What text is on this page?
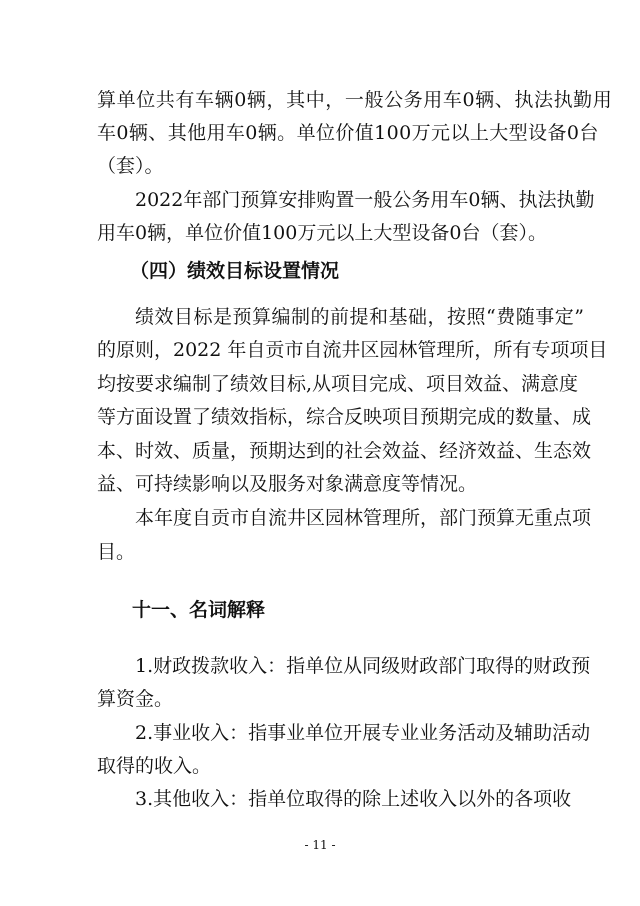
算单位共有车辆0辆，其中，一般公务用车0辆、执法执勤用
车0辆、其他用车0辆。单位价值100万元以上大型设备0台
（套）。
2022年部门预算安排购置一般公务用车0辆、执法执勤
用车0辆，单位价值100万元以上大型设备0台（套）。
（四）绩效目标设置情况
绩效目标是预算编制的前提和基础，按照“费随事定”
的原则，2022 年自贡市自流井区园林管理所，所有专项项目
均按要求编制了绩效目标,从项目完成、项目效益、满意度
等方面设置了绩效指标，综合反映项目预期完成的数量、成
本、时效、质量，预期达到的社会效益、经济效益、生态效
益、可持续影响以及服务对象满意度等情况。
本年度自贡市自流井区园林管理所，部门预算无重点项
目。
十一、名词解释
1.财政拨款收入：指单位从同级财政部门取得的财政预
算资金。
2.事业收入：指事业单位开展专业业务活动及辅助活动
取得的收入。
3.其他收入：指单位取得的除上述收入以外的各项收
- 11 -
